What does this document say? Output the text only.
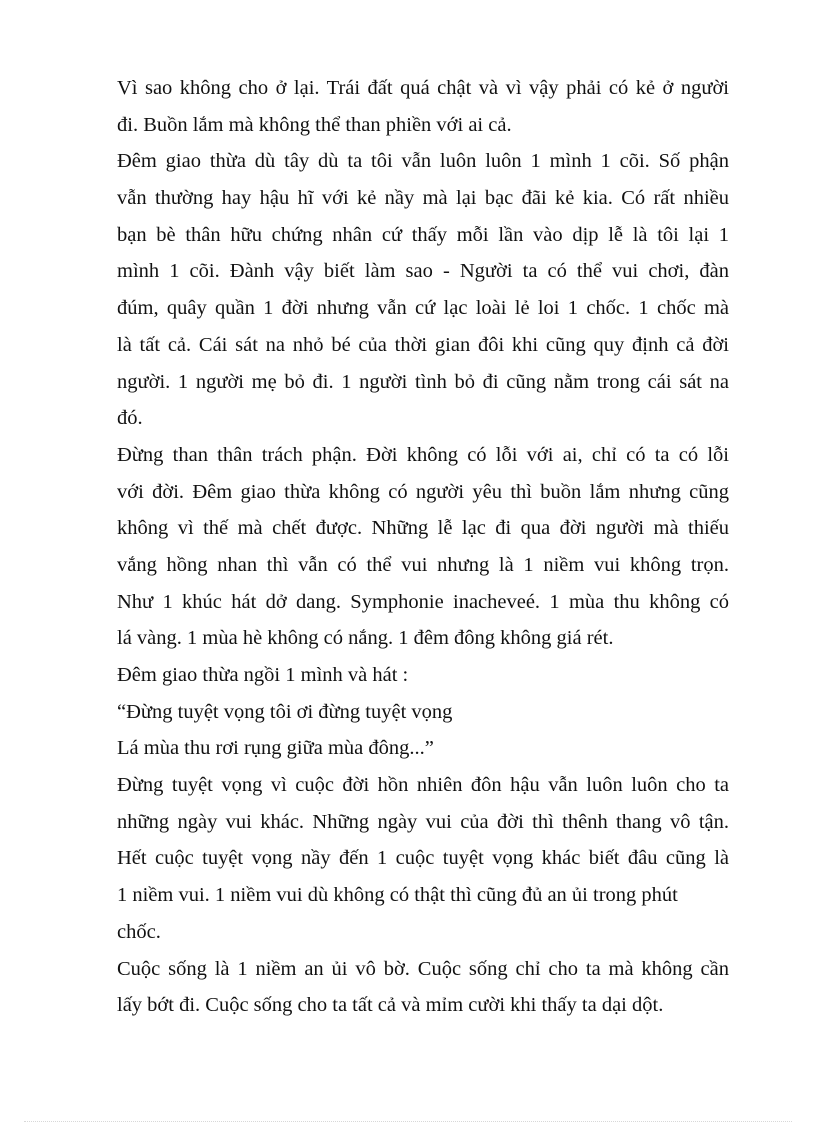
Vì sao không cho ở lại. Trái đất quá chật và vì vậy phải có kẻ ở người
đi. Buồn lắm mà không thể than phiền với ai cả.
Đêm giao thừa dù tây dù ta tôi vẫn luôn luôn 1 mình 1 cõi. Số phận
vẫn thường hay hậu hĩ với kẻ nầy mà lại bạc đãi kẻ kia. Có rất nhiều
bạn bè thân hữu chứng nhân cứ thấy mỗi lần vào dịp lễ là tôi lại 1
mình 1 cõi. Đành vậy biết làm sao - Người ta có thể vui chơi, đàn
đúm, quây quần 1 đời nhưng vẫn cứ lạc loài lẻ loi 1 chốc. 1 chốc mà
là tất cả. Cái sát na nhỏ bé của thời gian đôi khi cũng quy định cả đời
người. 1 người mẹ bỏ đi. 1 người tình bỏ đi cũng nằm trong cái sát na
đó.
Đừng than thân trách phận. Đời không có lỗi với ai, chỉ có ta có lỗi
với đời. Đêm giao thừa không có người yêu thì buồn lắm nhưng cũng
không vì thế mà chết được. Những lễ lạc đi qua đời người mà thiếu
vắng hồng nhan thì vẫn có thể vui nhưng là 1 niềm vui không trọn.
Như 1 khúc hát dở dang. Symphonie inacheveé. 1 mùa thu không có
lá vàng. 1 mùa hè không có nắng. 1 đêm đông không giá rét.
Đêm giao thừa ngồi 1 mình và hát :
“Đừng tuyệt vọng tôi ơi đừng tuyệt vọng
Lá mùa thu rơi rụng giữa mùa đông...”
Đừng tuyệt vọng vì cuộc đời hồn nhiên đôn hậu vẫn luôn luôn cho ta
những ngày vui khác. Những ngày vui của đời thì thênh thang vô tận.
Hết cuộc tuyệt vọng nầy đến 1 cuộc tuyệt vọng khác biết đâu cũng là
1 niềm vui. 1 niềm vui dù không có thật thì cũng đủ an ủi trong phút
chốc.
Cuộc sống là 1 niềm an ủi vô bờ. Cuộc sống chỉ cho ta mà không cần
lấy bớt đi. Cuộc sống cho ta tất cả và mỉm cười khi thấy ta dại dột.
